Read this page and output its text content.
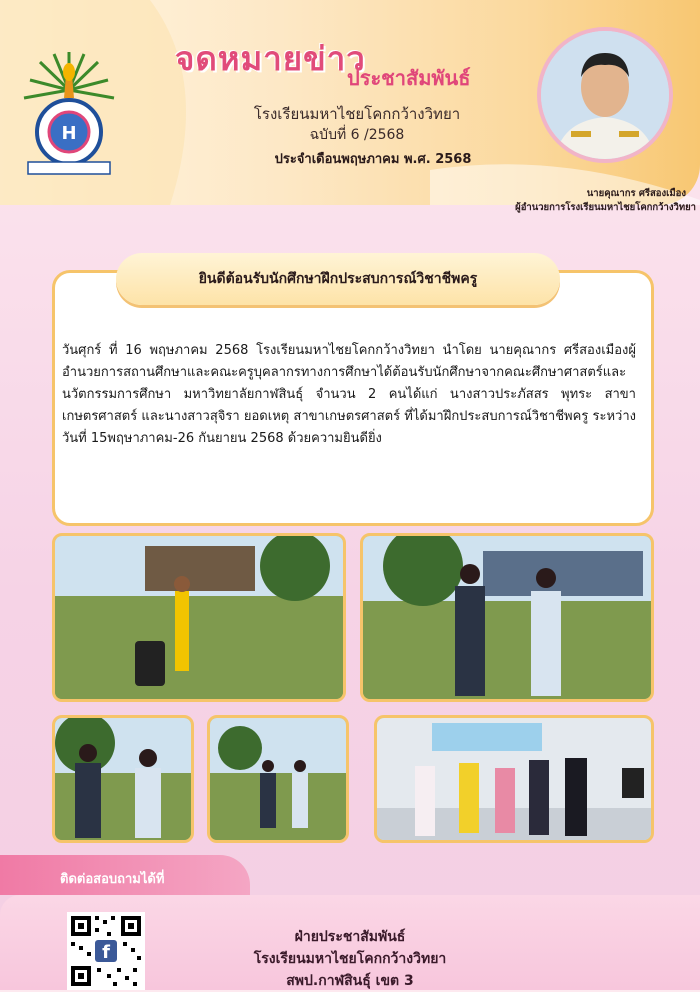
H
จดหมายข่าว
ประชาสัมพันธ์
โรงเรียนมหาไชยโคกกว้างวิทยา
ฉบับที่ 6 /2568
ประจำเดือนพฤษภาคม พ.ศ. 2568
นายคุณากร ศรีสองเมือง
ผู้อำนวยการโรงเรียนมหาไชยโคกกว้างวิทยา
ยินดีต้อนรับนักศึกษาฝึกประสบการณ์วิชาชีพครู
วันศุกร์ ที่ 16 พฤษภาคม 2568 โรงเรียนมหาไชยโคกกว้างวิทยา นำโดย นายคุณากร ศรีสองเมืองผู้อำนวยการสถานศึกษาและคณะครูบุคลากรทางการศึกษาได้ต้อนรับนักศึกษาจากคณะศึกษาศาสตร์และนวัตกรรมการศึกษา มหาวิทยาลัยกาฬสินธุ์ จำนวน 2 คนได้แก่ นางสาวประภัสสร พุทระ สาขาเกษตรศาสตร์ และนางสาวสุจิรา ยอดเหตุ สาขาเกษตรศาสตร์ ที่ได้มาฝึกประสบการณ์วิชาชีพครู ระหว่างวันที่ 15พฤษาภาคม-26 กันยายน 2568 ด้วยความยินดียิ่ง
ติดต่อสอบถามได้ที่
f
ฝ่ายประชาสัมพันธ์
โรงเรียนมหาไชยโคกกว้างวิทยา
สพป.กาฬสินธุ์ เขต 3
